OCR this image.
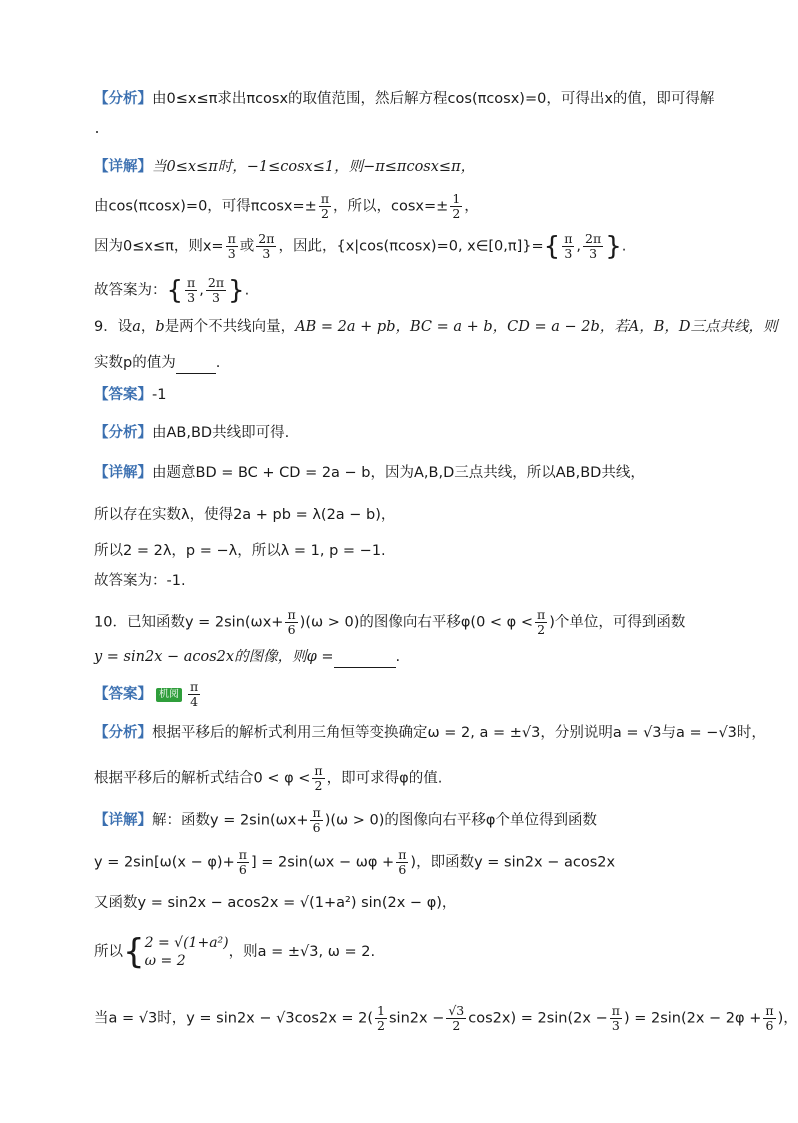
【分析】由0≤x≤π求出πcosx的取值范围，然后解方程cos(πcosx)=0，可得出x的值，即可得解
【详解】当0≤x≤π时，−1≤cosx≤1，则−π≤πcosx≤π，
由cos(πcosx)=0，可得$\pi\cos x=\pm \frac{\pi}{2}$ ，所以，$\cos x=\pm \frac{1}{2}$ ，
因为0≤x≤π，则$x= \frac{\pi}{3}$ 或 $\frac{2\pi}{3}$ ，因此，{x|cos(πcosx)=0, x∈[0,π]}={ $\frac{\pi}{3}$ , $\frac{2\pi}{3}$ }.
故答案为：{ $\frac{\pi}{3}$ , $\frac{2\pi}{3}$ }.
9．设a，b是两个不共线向量，AB = 2a + pb，BC = a + b，CD = a − 2b，若A，B，D三点共线，则
实数p的值为	.
【答案】-1
【分析】由AB,BD共线即可得.
【详解】由题意BD = BC + CD = 2a − b，因为A,B,D三点共线，所以AB,BD共线，
所以存在实数λ，使得2a + pb = λ(2a − b)，
所以2 = 2λ，p = −λ，所以λ = 1, p = −1.
故答案为：-1.
10．已知函数$y = 2\sin(\omega x+ \frac{\pi}{6} )(\omega > 0)$的图像向右平移$\varphi(0 < \varphi < \frac{\pi}{2}$ )个单位，可得到函数
y = sin2x − acos2x的图像，则φ =	.
【答案】 机阅 $\frac{\pi}{4}$
【分析】根据平移后的解析式利用三角恒等变换确定ω = 2, a = ±√3，分别说明a = √3与a = −√3时，
根据平移后的解析式结合$0 < \varphi < \frac{\pi}{2}$ ，即可求得φ的值.
【详解】解：函数$y = 2\sin(\omega x+ \frac{\pi}{6} )(\omega > 0)$的图像向右平移φ个单位得到函数
$y = 2\sin[\omega(x - \varphi)+ \frac{\pi}{6}$ ] = $2\sin(\omega x - \omega\varphi + \frac{\pi}{6}$ )，即函数y = sin2x − acos2x
又函数y = sin2x − acos2x = √(1+a²) sin(2x − φ)，
所以{ 2 = √(1+a²)
ω = 2
，则a = ±√3, ω = 2.
当a = √3时，$y = \sin 2x - √3\cos 2x = 2( \frac{1}{2} \sin 2x - \frac{√3}{2} \cos 2x) = 2\sin(2x - \frac{\pi}{3}$ ) = $2\sin(2x - 2\varphi + \frac{\pi}{6}$ )，
